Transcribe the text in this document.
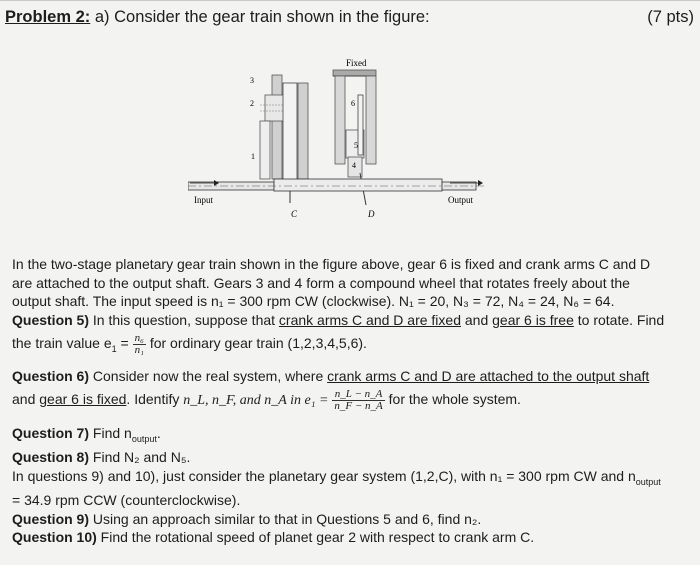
Problem 2: a) Consider the gear train shown in the figure:	(7 pts)
Fixed
6
5
4
3
2
1
Input	Output
C	D

In the two-stage planetary gear train shown in the figure above, gear 6 is fixed and crank arms C and D

are attached to the output shaft. Gears 3 and 4 form a compound wheel that rotates freely about the

output shaft. The input speed is n₁ = 300 rpm CW (clockwise). N₁ = 20, N₃ = 72, N₄ = 24, N₆ = 64.

Question 5) In this question, suppose that crank arms C and D are fixed and gear 6 is free to rotate. Find

the train value $e_1 = \frac{\text{n₆}}{\text{n₁}}$ for ordinary gear train (1,2,3,4,5,6).

Question 6) Consider now the real system, where crank arms C and D are attached to the output shaft

and gear 6 is fixed. Identify n_L, n_F, and n_A in $e_1 = \frac{n\_L - n\_A}{n\_F - n\_A}$ for the whole system.

Question 7) Find $n_{output}$.

Question 8) Find N₂ and N₅.

In questions 9) and 10), just consider the planetary gear system (1,2,C), with n₁ = 300 rpm CW and $n_{output}$

= 34.9 rpm CCW (counterclockwise).

Question 9) Using an approach similar to that in Questions 5 and 6, find n₂.

Question 10) Find the rotational speed of planet gear 2 with respect to crank arm C.
